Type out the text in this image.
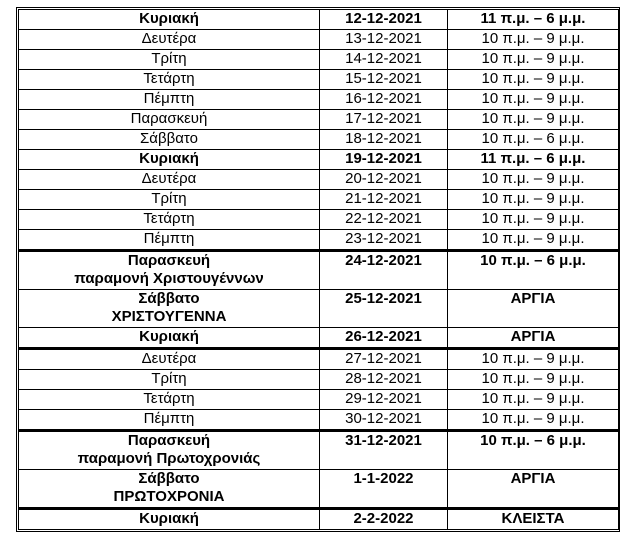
Κυριακή	12-12-2021	11 π.μ. – 6 μ.μ.
Δευτέρα	13-12-2021	10 π.μ. – 9 μ.μ.
Τρίτη	14-12-2021	10 π.μ. – 9 μ.μ.
Τετάρτη	15-12-2021	10 π.μ. – 9 μ.μ.
Πέμπτη	16-12-2021	10 π.μ. – 9 μ.μ.
Παρασκευή	17-12-2021	10 π.μ. – 9 μ.μ.
Σάββατο	18-12-2021	10 π.μ. – 6 μ.μ.
Κυριακή	19-12-2021	11 π.μ. – 6 μ.μ.
Δευτέρα	20-12-2021	10 π.μ. – 9 μ.μ.
Τρίτη	21-12-2021	10 π.μ. – 9 μ.μ.
Τετάρτη	22-12-2021	10 π.μ. – 9 μ.μ.
Πέμπτη	23-12-2021	10 π.μ. – 9 μ.μ.

Παρασκευή
παραμονή Χριστουγέννων	24-12-2021	10 π.μ. – 6 μ.μ.

Σάββατο
ΧΡΙΣΤΟΥΓΕΝΝΑ	25-12-2021	ΑΡΓΙΑ
Κυριακή	26-12-2021	ΑΡΓΙΑ
Δευτέρα	27-12-2021	10 π.μ. – 9 μ.μ.
Τρίτη	28-12-2021	10 π.μ. – 9 μ.μ.
Τετάρτη	29-12-2021	10 π.μ. – 9 μ.μ.
Πέμπτη	30-12-2021	10 π.μ. – 9 μ.μ.

Παρασκευή
παραμονή Πρωτοχρονιάς	31-12-2021	10 π.μ. – 6 μ.μ.

Σάββατο
ΠΡΩΤΟΧΡΟΝΙΑ	1-1-2022	ΑΡΓΙΑ
Κυριακή	2-2-2022	ΚΛΕΙΣΤΑ
